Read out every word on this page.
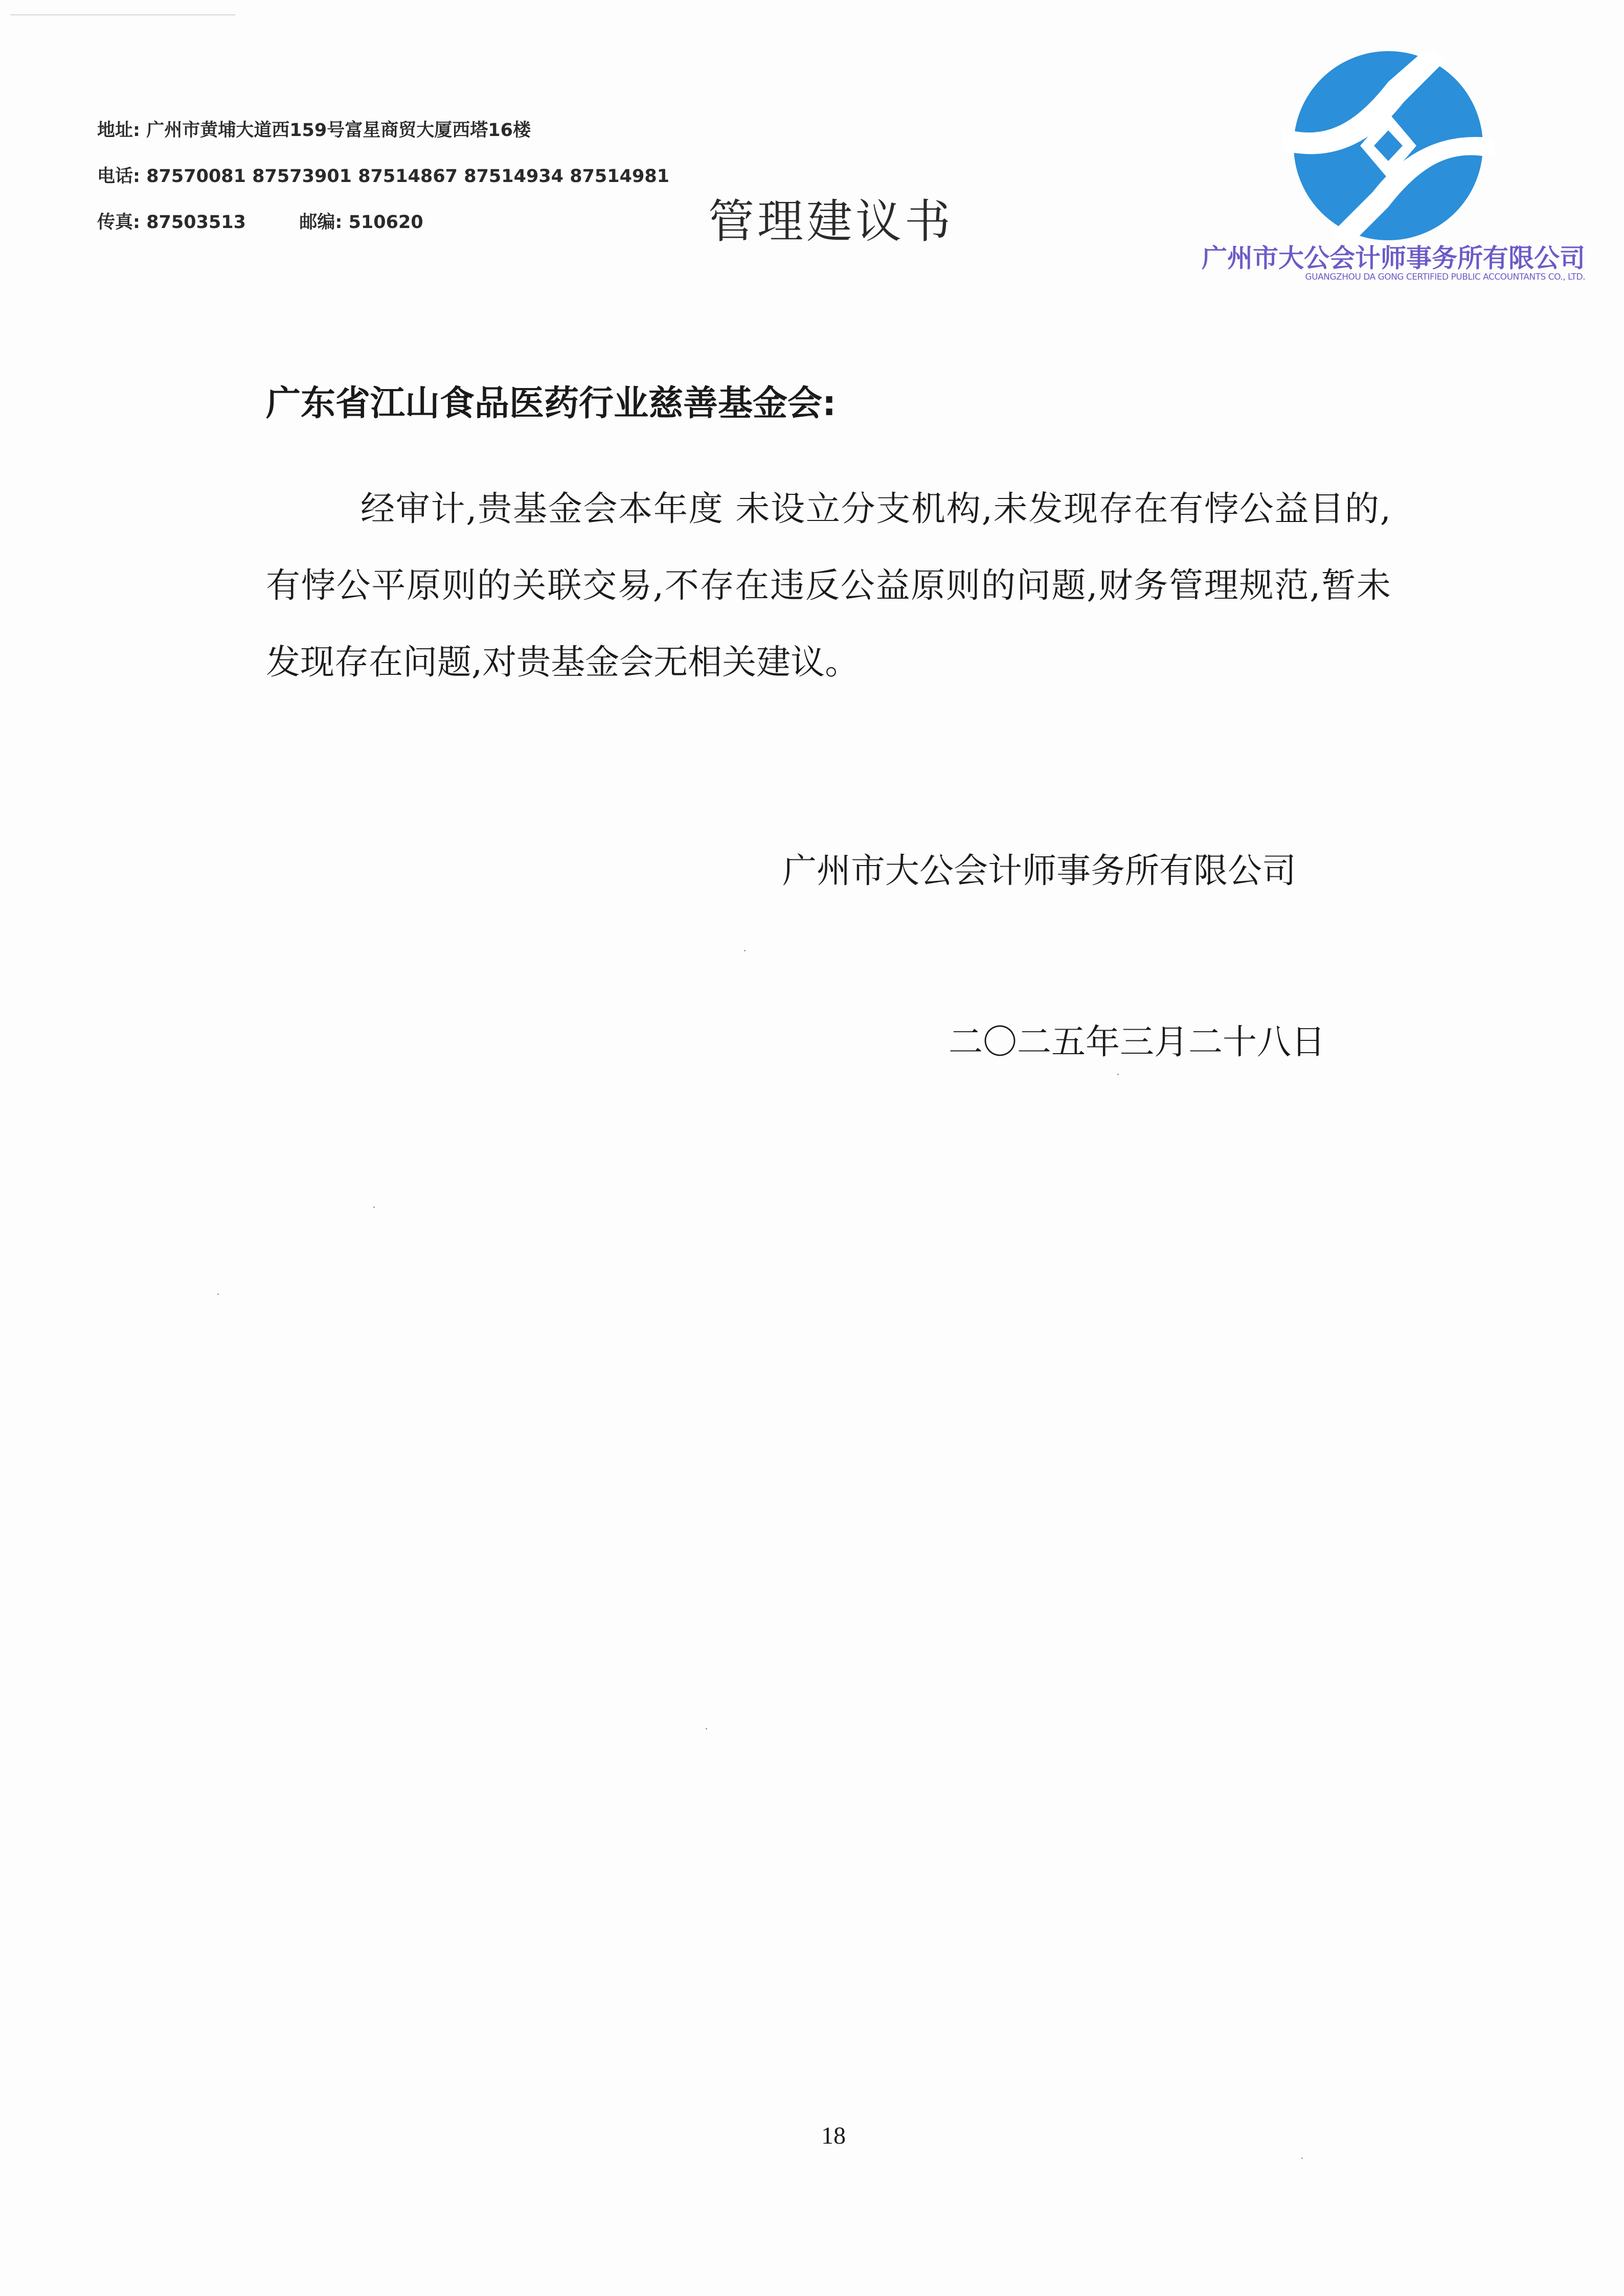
地址: 广州市黄埔大道西159号富星商贸大厦西塔16楼
电话: 87570081 87573901 87514867 87514934 87514981
传真: 87503513	邮编: 510620	管理建议书
广州市大公会计师事务所有限公司
GUANGZHOU DA GONG CERTIFIED PUBLIC ACCOUNTANTS CO., LTD.
广东省江山食品医药行业慈善基金会:
经审计,贵基金会本年度 未设立分支机构,未发现存在有悖公益目的,有悖公平原则的关联交易,不存在违反公益原则的问题,财务管理规范,暂未发现存在问题,对贵基金会无相关建议。
广州市大公会计师事务所有限公司
二〇二五年三月二十八日
18
